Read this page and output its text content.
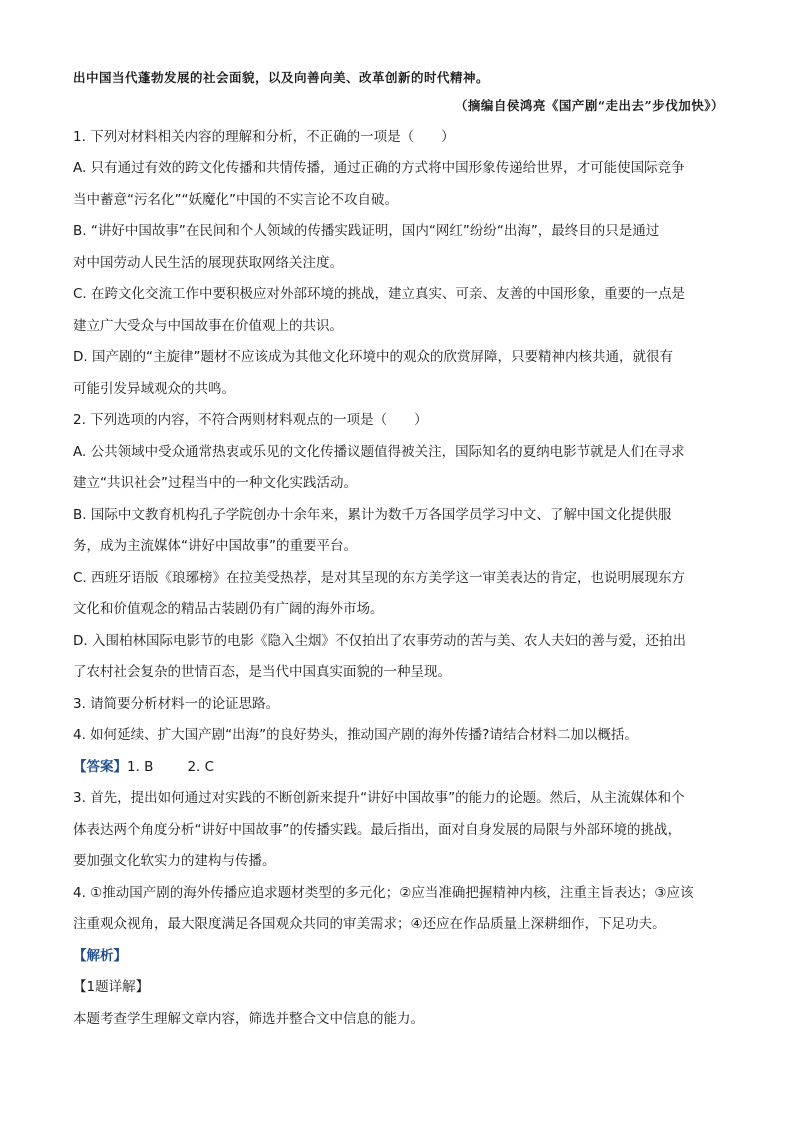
出中国当代蓬勃发展的社会面貌，以及向善向美、改革创新的时代精神。
（摘编自侯鸿亮《国产剧“走出去”步伐加快》）
1. 下列对材料相关内容的理解和分析，不正确的一项是（　　）
A. 只有通过有效的跨文化传播和共情传播，通过正确的方式将中国形象传递给世界，才可能使国际竞争
当中蓄意“污名化”“妖魔化”中国的不实言论不攻自破。
B. “讲好中国故事”在民间和个人领域的传播实践证明，国内“网红”纷纷“出海”，最终目的只是通过
对中国劳动人民生活的展现获取网络关注度。
C. 在跨文化交流工作中要积极应对外部环境的挑战，建立真实、可亲、友善的中国形象，重要的一点是
建立广大受众与中国故事在价值观上的共识。
D. 国产剧的“主旋律”题材不应该成为其他文化环境中的观众的欣赏屏障，只要精神内核共通，就很有
可能引发异域观众的共鸣。
2. 下列选项的内容，不符合两则材料观点的一项是（　　）
A. 公共领域中受众通常热衷或乐见的文化传播议题值得被关注，国际知名的夏纳电影节就是人们在寻求
建立“共识社会”过程当中的一种文化实践活动。
B. 国际中文教育机构孔子学院创办十余年来，累计为数千万各国学员学习中文、了解中国文化提供服
务，成为主流媒体“讲好中国故事”的重要平台。
C. 西班牙语版《琅琊榜》在拉美受热荐，是对其呈现的东方美学这一审美表达的肯定，也说明展现东方
文化和价值观念的精品古装剧仍有广阔的海外市场。
D. 入围柏林国际电影节的电影《隐入尘烟》不仅拍出了农事劳动的苦与美、农人夫妇的善与爱，还拍出
了农村社会复杂的世情百态，是当代中国真实面貌的一种呈现。
3. 请简要分析材料一的论证思路。
4. 如何延续、扩大国产剧“出海”的良好势头，推动国产剧的海外传播?请结合材料二加以概括。
【答案】1. B	2. C
3. 首先，提出如何通过对实践的不断创新来提升“讲好中国故事”的能力的论题。然后，从主流媒体和个
体表达两个角度分析“讲好中国故事”的传播实践。最后指出，面对自身发展的局限与外部环境的挑战，
要加强文化软实力的建构与传播。
4. ①推动国产剧的海外传播应追求题材类型的多元化；②应当准确把握精神内核，注重主旨表达；③应该
注重观众视角，最大限度满足各国观众共同的审美需求；④还应在作品质量上深耕细作，下足功夫。
【解析】
【1题详解】
本题考查学生理解文章内容，筛选并整合文中信息的能力。
